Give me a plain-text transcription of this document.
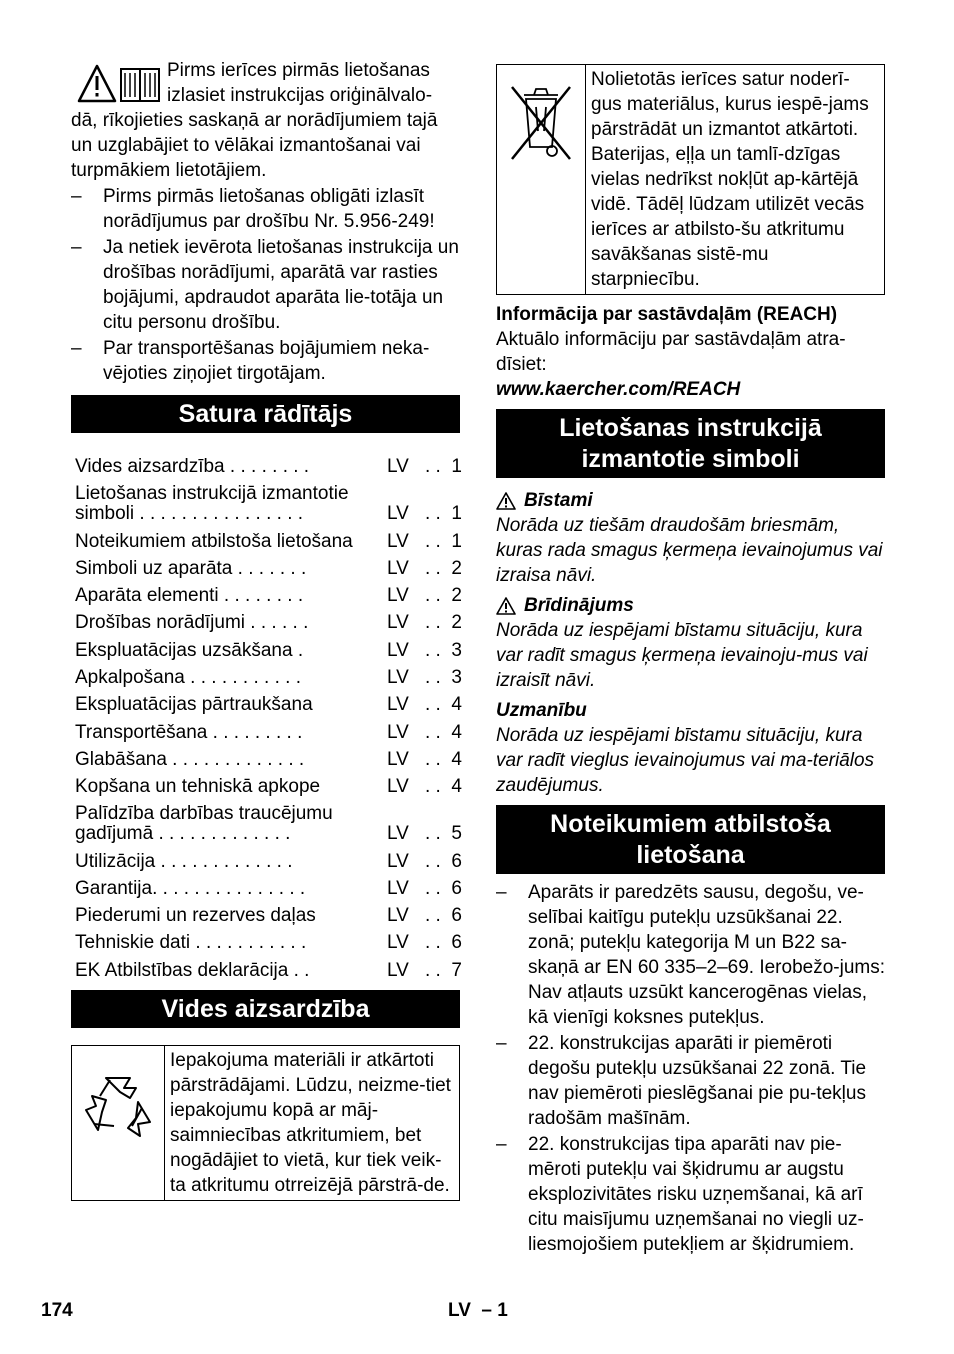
Pirms ierīces pirmās lietošanas

izlasiet instrukcijas oriģinālvalo-

dā, rīkojieties saskaņā ar norādījumiem tajā un uzglabājiet to vēlākai izmantošanai vai turpmākiem lietotājiem.

– Pirms pirmās lietošanas obligāti izlasīt norādījumus par drošību Nr. 5.956-249!
– Ja netiek ievērota lietošanas instrukcija un drošības norādījumi, aparātā var rasties bojājumi, apdraudot aparāta lie-totāja un citu personu drošību.
– Par transportēšanas bojājumiem neka-vējoties ziņojiet tirgotājam.
Satura rādītājs
Vides aizsardzība . . . . . . . .	LV . .  1
Lietošanas instrukcijā izmantotie simboli . . . . . . . . . . . . . . . .	LV . .  1
Noteikumiem atbilstoša lietošana	LV . .  1
Simboli uz aparāta . . . . . . .	LV . .  2
Aparāta elementi . . . . . . . .	LV . .  2
Drošības norādījumi . . . . . .	LV . .  2
Ekspluatācijas uzsākšana .	LV . .  3
Apkalpošana . . . . . . . . . . .	LV . .  3
Ekspluatācijas pārtraukšana	LV . .  4
Transportēšana . . . . . . . . .	LV . .  4
Glabāšana . . . . . . . . . . . . .	LV . .  4
Kopšana un tehniskā apkope	LV . .  4
Palīdzība darbības traucējumu gadījumā . . . . . . . . . . . . .	LV . .  5
Utilizācija . . . . . . . . . . . . .	LV . .  6
Garantija. . . . . . . . . . . . . . .	LV . .  6
Piederumi un rezerves daļas	LV . .  6
Tehniskie dati . . . . . . . . . . .	LV . .  6
EK Atbilstības deklarācija . .	LV . .  7
Vides aizsardzība
Iepakojuma materiāli ir atkārtoti pārstrādājami. Lūdzu, neizme-tiet iepakojumu kopā ar māj-saimniecības atkritumiem, bet nogādājiet to vietā, kur tiek veik-ta atkritumu otrreizējā pārstrā-de.
Nolietotās ierīces satur noderī-gus materiālus, kurus iespē-jams pārstrādāt un izmantot atkārtoti. Baterijas, eļļa un tamlī-dzīgas vielas nedrīkst nokļūt ap-kārtējā vidē. Tādēļ lūdzam utilizēt vecās ierīces ar atbilsto-šu atkritumu savākšanas sistē-mu starpniecību.

Informācija par sastāvdaļām (REACH)

Aktuālo informāciju par sastāvdaļām atra-dīsiet:

www.kaercher.com/REACH

Lietošanas instrukcijā izmantotie simboli
Bīstami

Norāda uz tiešām draudošām briesmām, kuras rada smagus ķermeņa ievainojumus vai izraisa nāvi.

Brīdinājums

Norāda uz iespējami bīstamu situāciju, kura var radīt smagus ķermeņa ievainoju-mus vai izraisīt nāvi.

Uzmanību

Norāda uz iespējami bīstamu situāciju, kura var radīt vieglus ievainojumus vai ma-teriālos zaudējumus.

Noteikumiem atbilstoša lietošana
– Aparāts ir paredzēts sausu, degošu, ve-selībai kaitīgu putekļu uzsūkšanai 22. zonā; putekļu kategorija M un B22 sa-skaņā ar EN 60 335–2–69. Ierobežo-jums: Nav atļauts uzsūkt kancerogēnas vielas, kā vienīgi koksnes putekļus.
– 22. konstrukcijas aparāti ir piemēroti degošu putekļu uzsūkšanai 22 zonā. Tie nav piemēroti pieslēgšanai pie pu-tekļus radošām mašīnām.
– 22. konstrukcijas tipa aparāti nav pie-mēroti putekļu vai šķidrumu ar augstu eksplozivitātes risku uzņemšanai, kā arī citu maisījumu uzņemšanai no viegli uz-liesmojošiem putekļiem ar šķidrumiem.
174	LV  – 1
